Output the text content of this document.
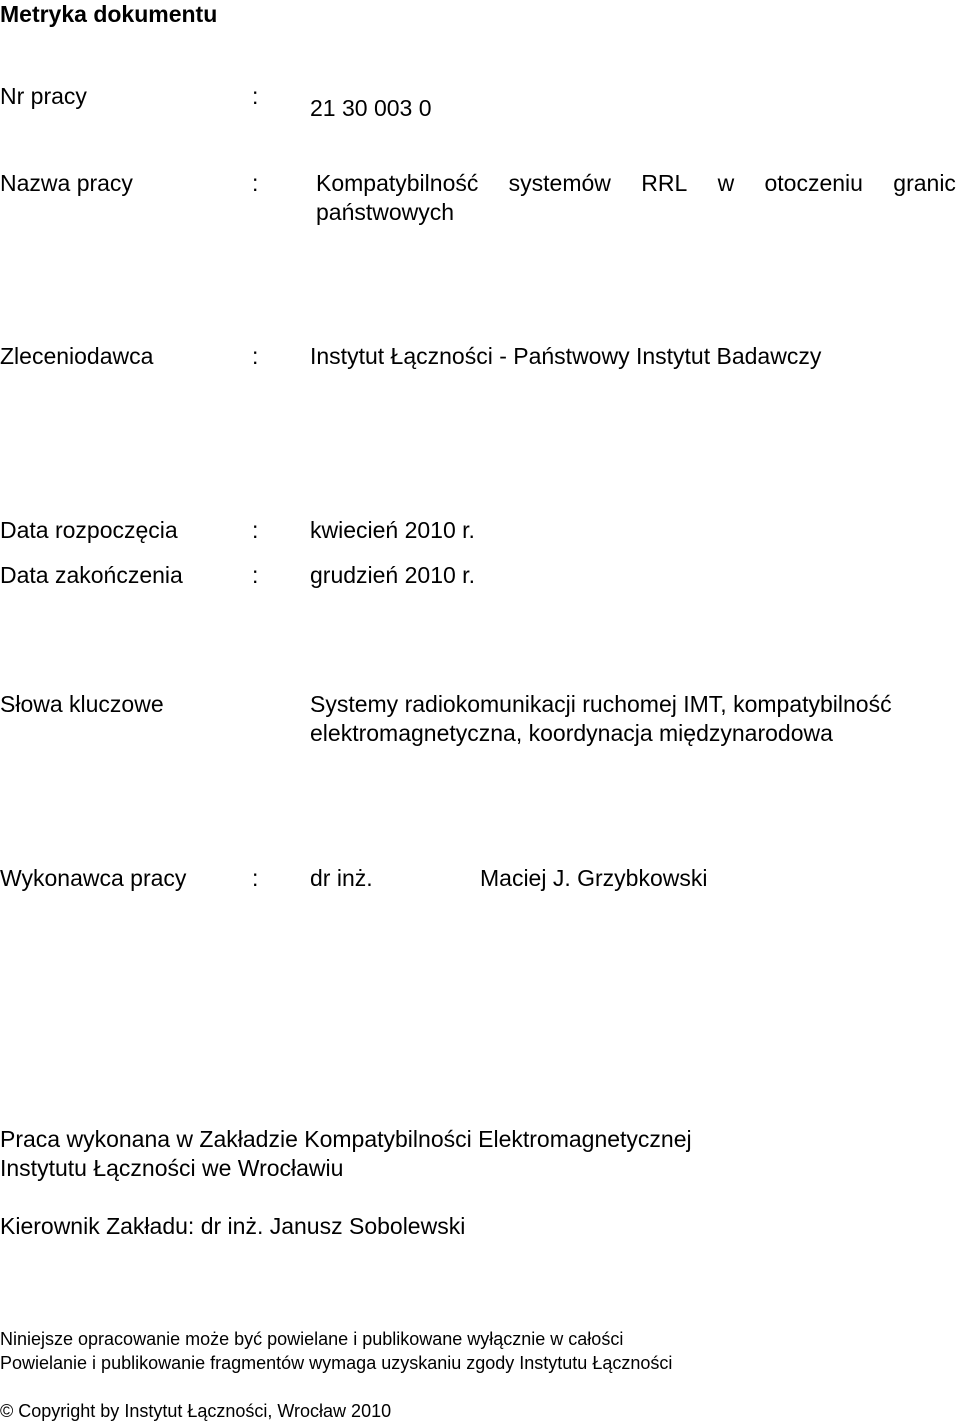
Metryka dokumentu
Nr pracy	: 21 30 003 0
Nazwa pracy	:	Kompatybilność systemów RRL w otoczeniu granic
państwowych
Zleceniodawca	: Instytut Łączności - Państwowy Instytut Badawczy
Data rozpoczęcia	: kwiecień 2010 r.
Data zakończenia	: grudzień 2010 r.
Słowa kluczowe	Systemy radiokomunikacji ruchomej IMT, kompatybilność
elektromagnetyczna, koordynacja międzynarodowa
Wykonawca pracy	: dr inż.	Maciej J. Grzybkowski
Praca wykonana w Zakładzie Kompatybilności Elektromagnetycznej
Instytutu Łączności we Wrocławiu
Kierownik Zakładu: dr inż. Janusz Sobolewski
Niniejsze opracowanie może być powielane i publikowane wyłącznie w całości
Powielanie i publikowanie fragmentów wymaga uzyskaniu zgody Instytutu Łączności
© Copyright by Instytut Łączności, Wrocław 2010
